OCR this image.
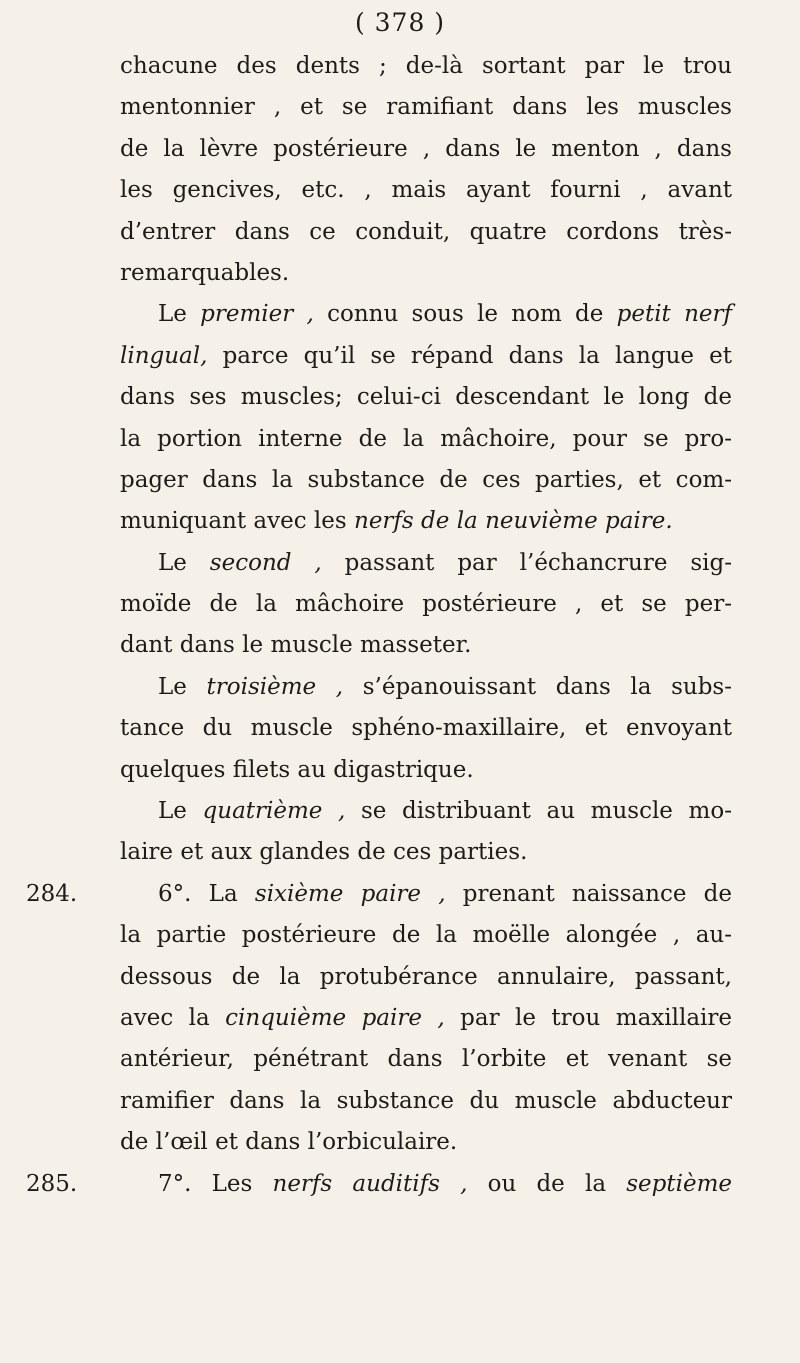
( 378 )
chacune des dents ; de-là sortant par le trou
mentonnier , et se ramifiant dans les muscles
de la lèvre postérieure , dans le menton , dans
les gencives, etc. , mais ayant fourni , avant
d’entrer dans ce conduit, quatre cordons très-
remarquables.
Le premier , connu sous le nom de petit nerf
lingual, parce qu’il se répand dans la langue et
dans ses muscles; celui-ci descendant le long de
la portion interne de la mâchoire, pour se pro-
pager dans la substance de ces parties, et com-
muniquant avec les nerfs de la neuvième paire.
Le second , passant par l’échancrure sig-
moïde de la mâchoire postérieure , et se per-
dant dans le muscle masseter.
Le troisième , s’épanouissant dans la subs-
tance du muscle sphéno-maxillaire, et envoyant
quelques filets au digastrique.
Le quatrième , se distribuant au muscle mo-
laire et aux glandes de ces parties.
284.	6°. La sixième paire , prenant naissance de
la partie postérieure de la moëlle alongée , au-
dessous de la protubérance annulaire, passant,
avec la cinquième paire , par le trou maxillaire
antérieur, pénétrant dans l’orbite et venant se
ramifier dans la substance du muscle abducteur
de l’œil et dans l’orbiculaire.
285.	7°. Les nerfs auditifs , ou de la septième
